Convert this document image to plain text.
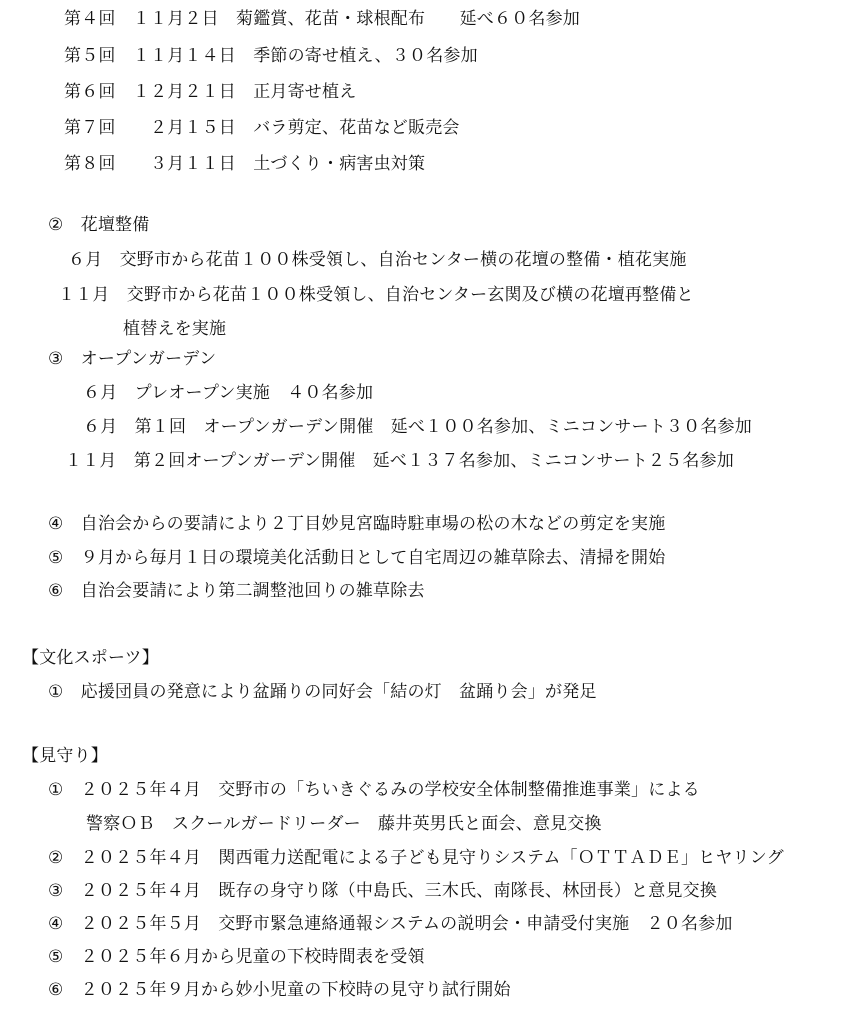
第４回　１１月２日　菊鑑賞、花苗・球根配布　　延べ６０名参加
第５回　１１月１４日　季節の寄せ植え、３０名参加
第６回　１２月２１日　正月寄せ植え
第７回　　２月１５日　バラ剪定、花苗など販売会
第８回　　３月１１日　土づくり・病害虫対策
②　花壇整備
６月　交野市から花苗１００株受領し、自治センター横の花壇の整備・植花実施
１１月　交野市から花苗１００株受領し、自治センター玄関及び横の花壇再整備と
植替えを実施
③　オープンガーデン
６月　プレオープン実施　４０名参加
６月　第１回　オープンガーデン開催　延べ１００名参加、ミニコンサート３０名参加
１１月　第２回オープンガーデン開催　延べ１３７名参加、ミニコンサート２５名参加
④　自治会からの要請により２丁目妙見宮臨時駐車場の松の木などの剪定を実施
⑤　９月から毎月１日の環境美化活動日として自宅周辺の雑草除去、清掃を開始
⑥　自治会要請により第二調整池回りの雑草除去
【文化スポーツ】
①　応援団員の発意により盆踊りの同好会「結の灯　盆踊り会」が発足
【見守り】
①　２０２５年４月　交野市の「ちいきぐるみの学校安全体制整備推進事業」による
警察ＯＢ　スクールガードリーダー　藤井英男氏と面会、意見交換
②　２０２５年４月　関西電力送配電による子ども見守りシステム「ＯＴＴＡＤＥ」ヒヤリング
③　２０２５年４月　既存の身守り隊（中島氏、三木氏、南隊長、林団長）と意見交換
④　２０２５年５月　交野市緊急連絡通報システムの説明会・申請受付実施　２０名参加
⑤　２０２５年６月から児童の下校時間表を受領
⑥　２０２５年９月から妙小児童の下校時の見守り試行開始
